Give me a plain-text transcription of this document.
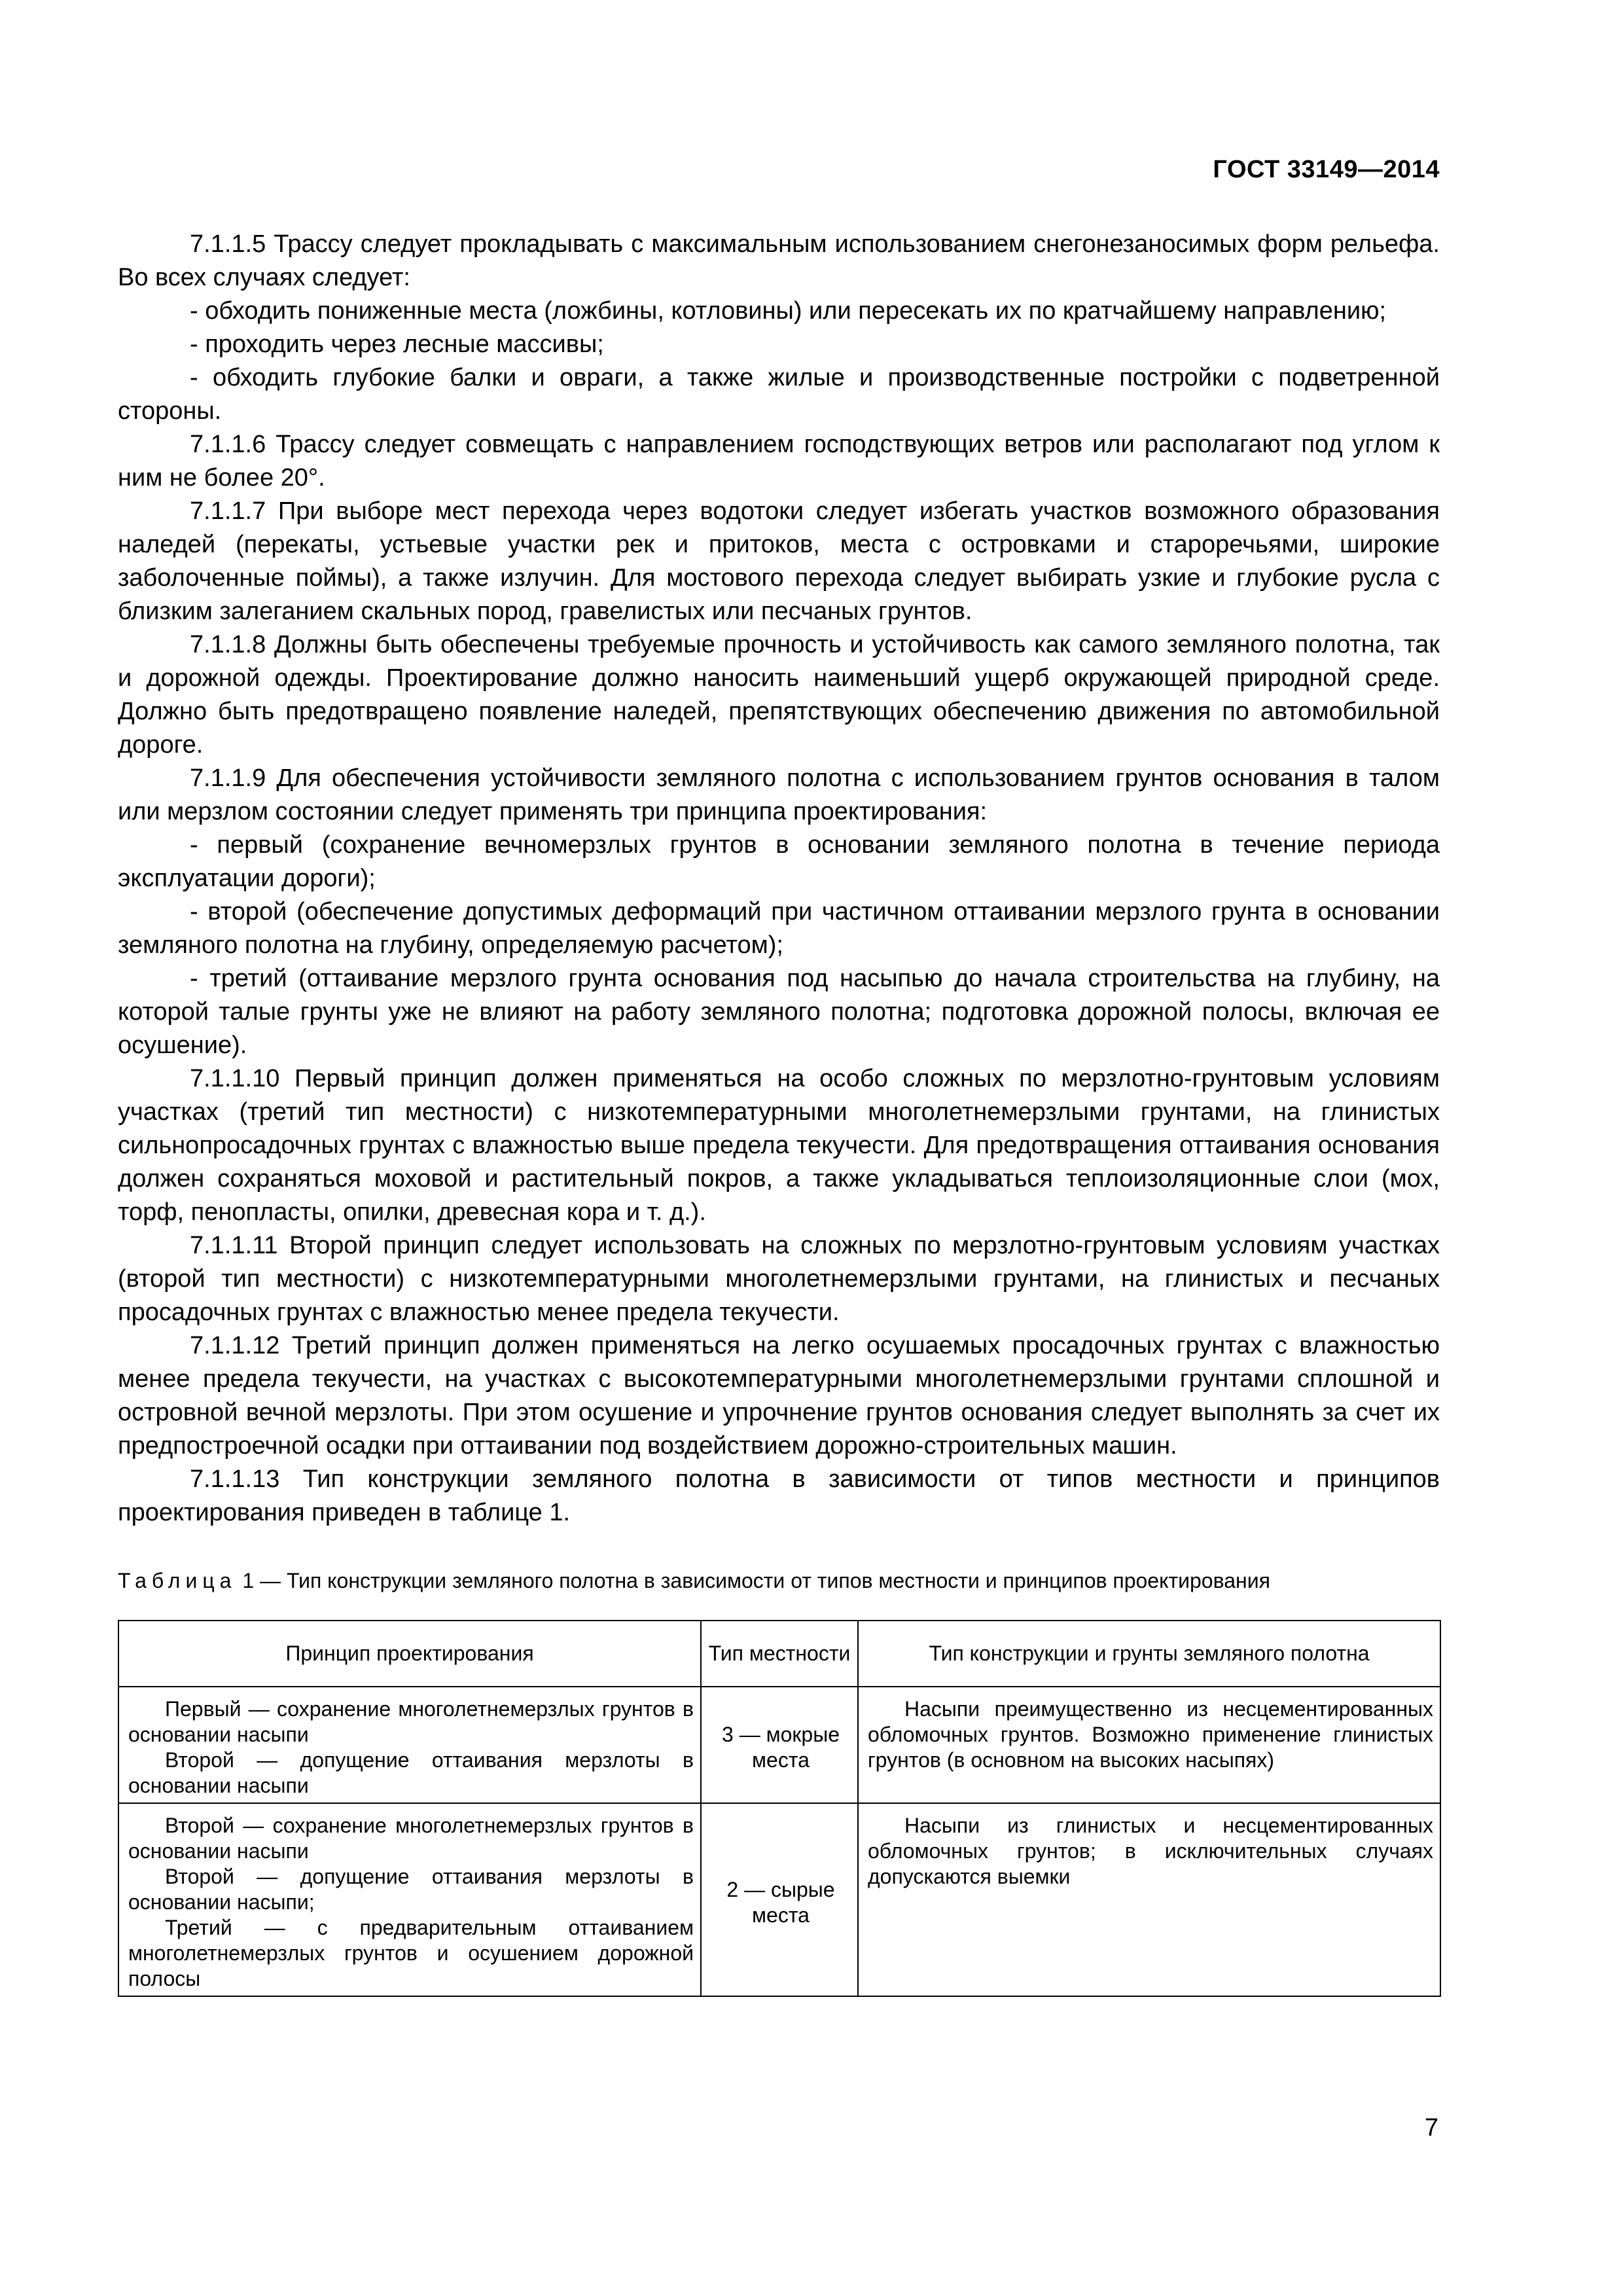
ГОСТ 33149—2014

7.1.1.5 Трассу следует прокладывать с максимальным использованием снегонезаносимых форм рельефа. Во всех случаях следует:

- обходить пониженные места (ложбины, котловины) или пересекать их по кратчайшему направлению;

- проходить через лесные массивы;

- обходить глубокие балки и овраги, а также жилые и производственные постройки с подветренной стороны.

7.1.1.6 Трассу следует совмещать с направлением господствующих ветров или располагают под углом к ним не более 20°.

7.1.1.7 При выборе мест перехода через водотоки следует избегать участков возможного образования наледей (перекаты, устьевые участки рек и притоков, места с островками и староречьями, широкие заболоченные поймы), а также излучин. Для мостового перехода следует выбирать узкие и глубокие русла с близким залеганием скальных пород, гравелистых или песчаных грунтов.

7.1.1.8 Должны быть обеспечены требуемые прочность и устойчивость как самого земляного полотна, так и дорожной одежды. Проектирование должно наносить наименьший ущерб окружающей природной среде. Должно быть предотвращено появление наледей, препятствующих обеспечению движения по автомобильной дороге.

7.1.1.9 Для обеспечения устойчивости земляного полотна с использованием грунтов основания в талом или мерзлом состоянии следует применять три принципа проектирования:

- первый (сохранение вечномерзлых грунтов в основании земляного полотна в течение периода эксплуатации дороги);

- второй (обеспечение допустимых деформаций при частичном оттаивании мерзлого грунта в основании земляного полотна на глубину, определяемую расчетом);

- третий (оттаивание мерзлого грунта основания под насыпью до начала строительства на глубину, на которой талые грунты уже не влияют на работу земляного полотна; подготовка дорожной полосы, включая ее осушение).

7.1.1.10 Первый принцип должен применяться на особо сложных по мерзлотно-грунтовым условиям участках (третий тип местности) с низкотемпературными многолетнемерзлыми грунтами, на глинистых сильнопросадочных грунтах с влажностью выше предела текучести. Для предотвращения оттаивания основания должен сохраняться моховой и растительный покров, а также укладываться теплоизоляционные слои (мох, торф, пенопласты, опилки, древесная кора и т. д.).

7.1.1.11 Второй принцип следует использовать на сложных по мерзлотно-грунтовым условиям участках (второй тип местности) с низкотемпературными многолетнемерзлыми грунтами, на глинистых и песчаных просадочных грунтах с влажностью менее предела текучести.

7.1.1.12 Третий принцип должен применяться на легко осушаемых просадочных грунтах с влажностью менее предела текучести, на участках с высокотемпературными многолетнемерзлыми грунтами сплошной и островной вечной мерзлоты. При этом осушение и упрочнение грунтов основания следует выполнять за счет их предпостроечной осадки при оттаивании под воздействием дорожно-строительных машин.

7.1.1.13 Тип конструкции земляного полотна в зависимости от типов местности и принципов проектирования приведен в таблице 1.

Таблица 1 — Тип конструкции земляного полотна в зависимости от типов местности и принципов проектирования
Принцип проектирования	Тип местности	Тип конструкции и грунты земляного полотна

Первый — сохранение многолетнемерзлых грунтов в основании насыпи

Второй — допущение оттаивания мерзлоты в основании насыпи	3 — мокрые места	Насыпи преимущественно из несцементированных обломочных грунтов. Возможно применение глинистых грунтов (в основном на высоких насыпях)

Второй — сохранение многолетнемерзлых грунтов в основании насыпи

Второй — допущение оттаивания мерзлоты в основании насыпи;

Третий — с предварительным оттаиванием многолетнемерзлых грунтов и осушением дорожной полосы	2 — сырые места	Насыпи из глинистых и несцементированных обломочных грунтов; в исключительных случаях допускаются выемки

7
